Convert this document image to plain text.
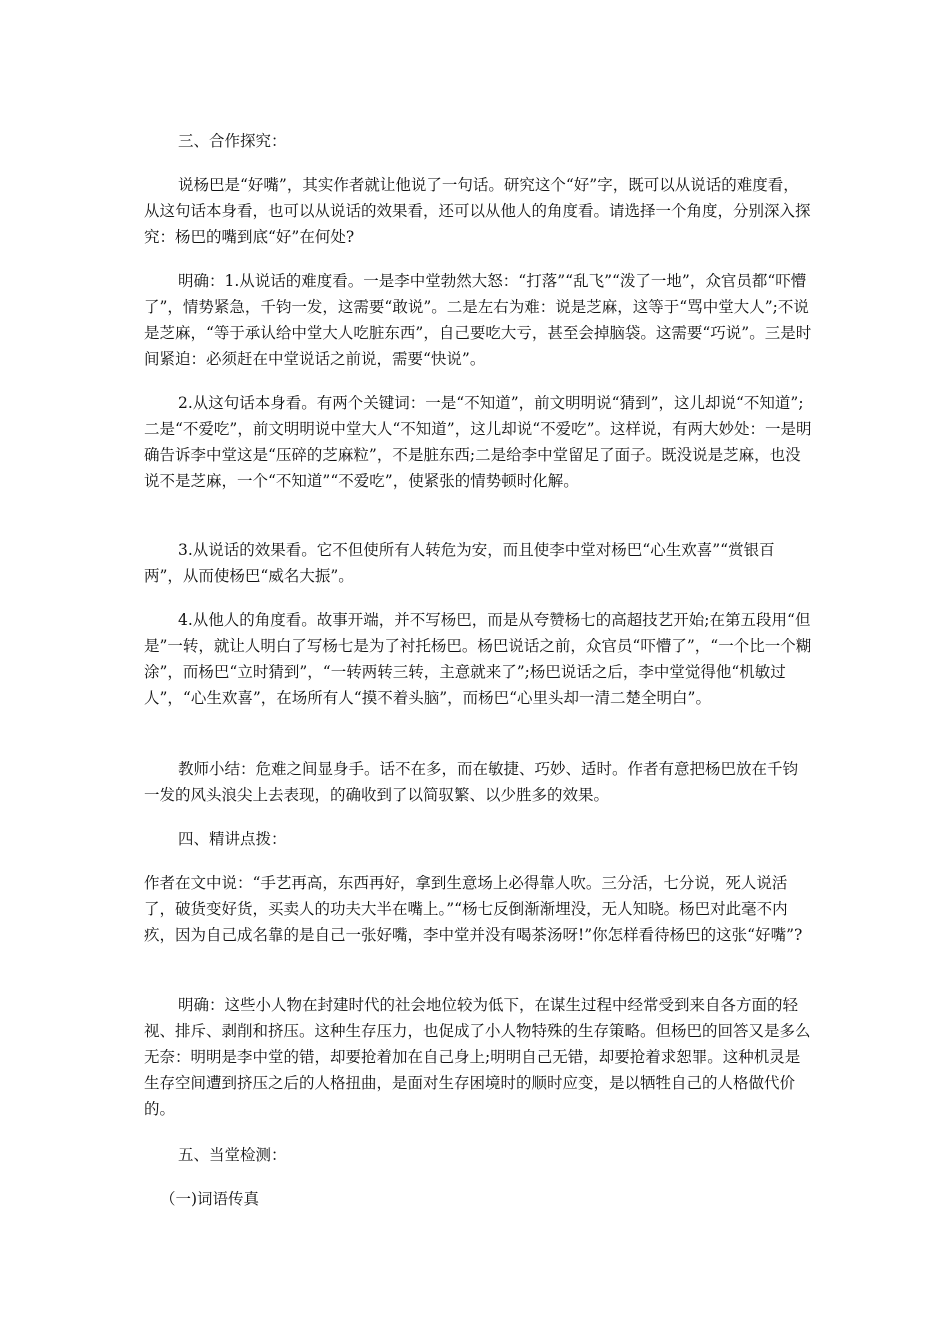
三、合作探究：

说杨巴是“好嘴”，其实作者就让他说了一句话。研究这个“好”字，既可以从说话的难度看，从这句话本身看，也可以从说话的效果看，还可以从他人的角度看。请选择一个角度，分别深入探究：杨巴的嘴到底“好”在何处?

明确：1.从说话的难度看。一是李中堂勃然大怒：“打落”“乱飞”“泼了一地”，众官员都“吓懵了”，情势紧急，千钧一发，这需要“敢说”。二是左右为难：说是芝麻，这等于“骂中堂大人”;不说是芝麻，“等于承认给中堂大人吃脏东西”，自己要吃大亏，甚至会掉脑袋。这需要“巧说”。三是时间紧迫：必须赶在中堂说话之前说，需要“快说”。

2.从这句话本身看。有两个关键词：一是“不知道”，前文明明说“猜到”，这儿却说“不知道”;二是“不爱吃”，前文明明说中堂大人“不知道”，这儿却说“不爱吃”。这样说，有两大妙处：一是明确告诉李中堂这是“压碎的芝麻粒”，不是脏东西;二是给李中堂留足了面子。既没说是芝麻，也没说不是芝麻，一个“不知道”“不爱吃”，使紧张的情势顿时化解。

3.从说话的效果看。它不但使所有人转危为安，而且使李中堂对杨巴“心生欢喜”“赏银百两”，从而使杨巴“威名大振”。

4.从他人的角度看。故事开端，并不写杨巴，而是从夸赞杨七的高超技艺开始;在第五段用“但是”一转，就让人明白了写杨七是为了衬托杨巴。杨巴说话之前，众官员“吓懵了”，“一个比一个糊涂”，而杨巴“立时猜到”，“一转两转三转，主意就来了”;杨巴说话之后，李中堂觉得他“机敏过人”，“心生欢喜”，在场所有人“摸不着头脑”，而杨巴“心里头却一清二楚全明白”。

教师小结：危难之间显身手。话不在多，而在敏捷、巧妙、适时。作者有意把杨巴放在千钧一发的风头浪尖上去表现，的确收到了以简驭繁、以少胜多的效果。

四、精讲点拨：

作者在文中说：“手艺再高，东西再好，拿到生意场上必得靠人吹。三分活，七分说，死人说活了，破货变好货，买卖人的功夫大半在嘴上。”“杨七反倒渐渐埋没，无人知晓。杨巴对此毫不内疚，因为自己成名靠的是自己一张好嘴，李中堂并没有喝茶汤呀!”你怎样看待杨巴的这张“好嘴”?

明确：这些小人物在封建时代的社会地位较为低下，在谋生过程中经常受到来自各方面的轻视、排斥、剥削和挤压。这种生存压力，也促成了小人物特殊的生存策略。但杨巴的回答又是多么无奈：明明是李中堂的错，却要抢着加在自己身上;明明自己无错，却要抢着求恕罪。这种机灵是生存空间遭到挤压之后的人格扭曲，是面对生存困境时的顺时应变，是以牺牲自己的人格做代价的。

五、当堂检测：

（一)词语传真
